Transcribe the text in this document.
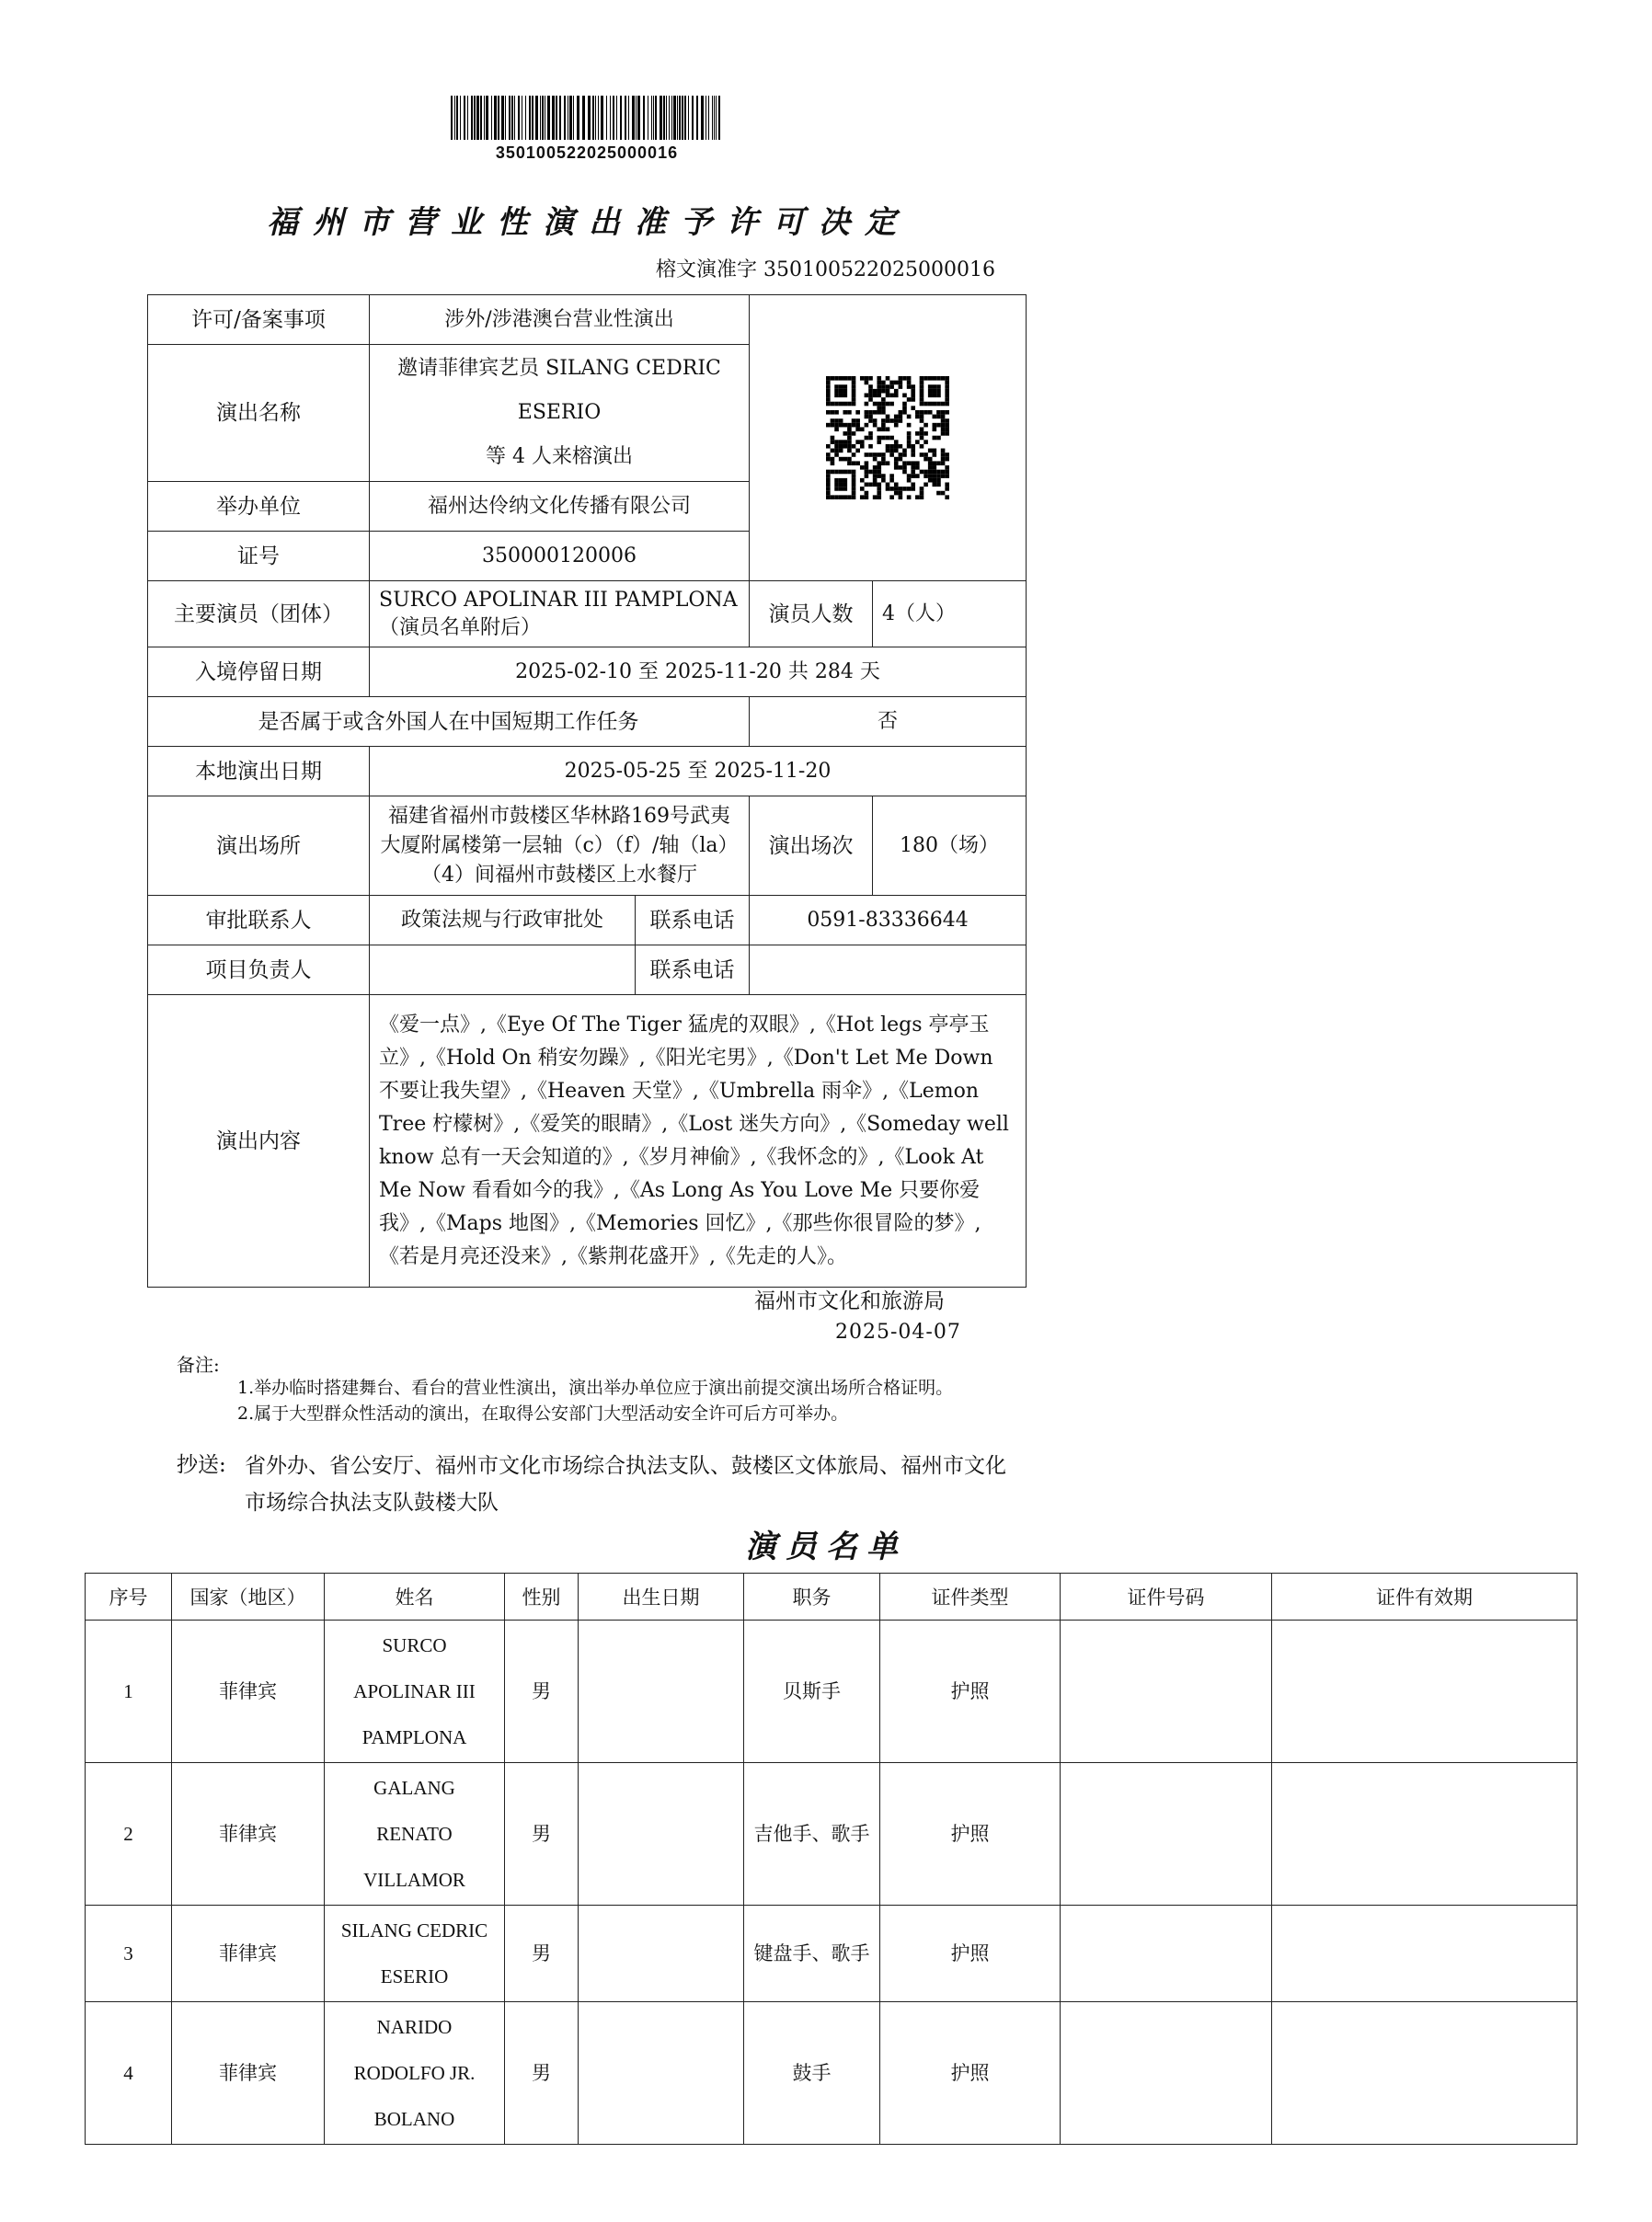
350100522025000016
福州市营业性演出准予许可决定
榕文演准字 350100522025000016
许可/备案事项	涉外/涉港澳台营业性演出	

演出名称	邀请菲律宾艺员 SILANG CEDRIC ESERIO
等 4 人来榕演出			

举办单位	福州达伶纳文化传播有限公司			
证号	350000120006			
主要演员（团体）	SURCO APOLINAR III PAMPLONA（演员名单附后）		演员人数	4（人）
入境停留日期	2025-02-10 至 2025-11-20 共 284 天			
是否属于或含外国人在中国短期工作任务			否	
本地演出日期	2025-05-25 至 2025-11-20			
演出场所	福建省福州市鼓楼区华林路169号武夷大厦附属楼第一层轴（c）（f）/轴（la）（4）间福州市鼓楼区上水餐厅		演出场次	180（场）
审批联系人	政策法规与行政审批处	联系电话	0591-83336644	
项目负责人		联系电话		
演出内容	《爱一点》,《Eye Of The Tiger 猛虎的双眼》,《Hot legs 亭亭玉立》,《Hold On 稍安勿躁》,《阳光宅男》,《Don't Let Me Down 不要让我失望》,《Heaven 天堂》,《Umbrella 雨伞》,《Lemon Tree 柠檬树》,《爱笑的眼睛》,《Lost 迷失方向》,《Someday well know 总有一天会知道的》,《岁月神偷》,《我怀念的》,《Look At Me Now 看看如今的我》,《As Long As You Love Me 只要你爱我》,《Maps 地图》,《Memories 回忆》,《那些你很冒险的梦》,《若是月亮还没来》,《紫荆花盛开》,《先走的人》。			
福州市文化和旅游局
2025-04-07
备注:
1.举办临时搭建舞台、看台的营业性演出，演出举办单位应于演出前提交演出场所合格证明。
2.属于大型群众性活动的演出，在取得公安部门大型活动安全许可后方可举办。
抄送: 省外办、省公安厅、福州市文化市场综合执法支队、鼓楼区文体旅局、福州市文化市场综合执法支队鼓楼大队
演员名单
序号	国家（地区）	姓名	性别	出生日期	职务	证件类型	证件号码	证件有效期
1	菲律宾	SURCO
APOLINAR III
PAMPLONA	男		贝斯手	护照		
2	菲律宾	GALANG
RENATO
VILLAMOR	男		吉他手、歌手	护照		
3	菲律宾	SILANG CEDRIC
ESERIO	男		键盘手、歌手	护照		
4	菲律宾	NARIDO
RODOLFO JR.
BOLANO	男		鼓手	护照		
